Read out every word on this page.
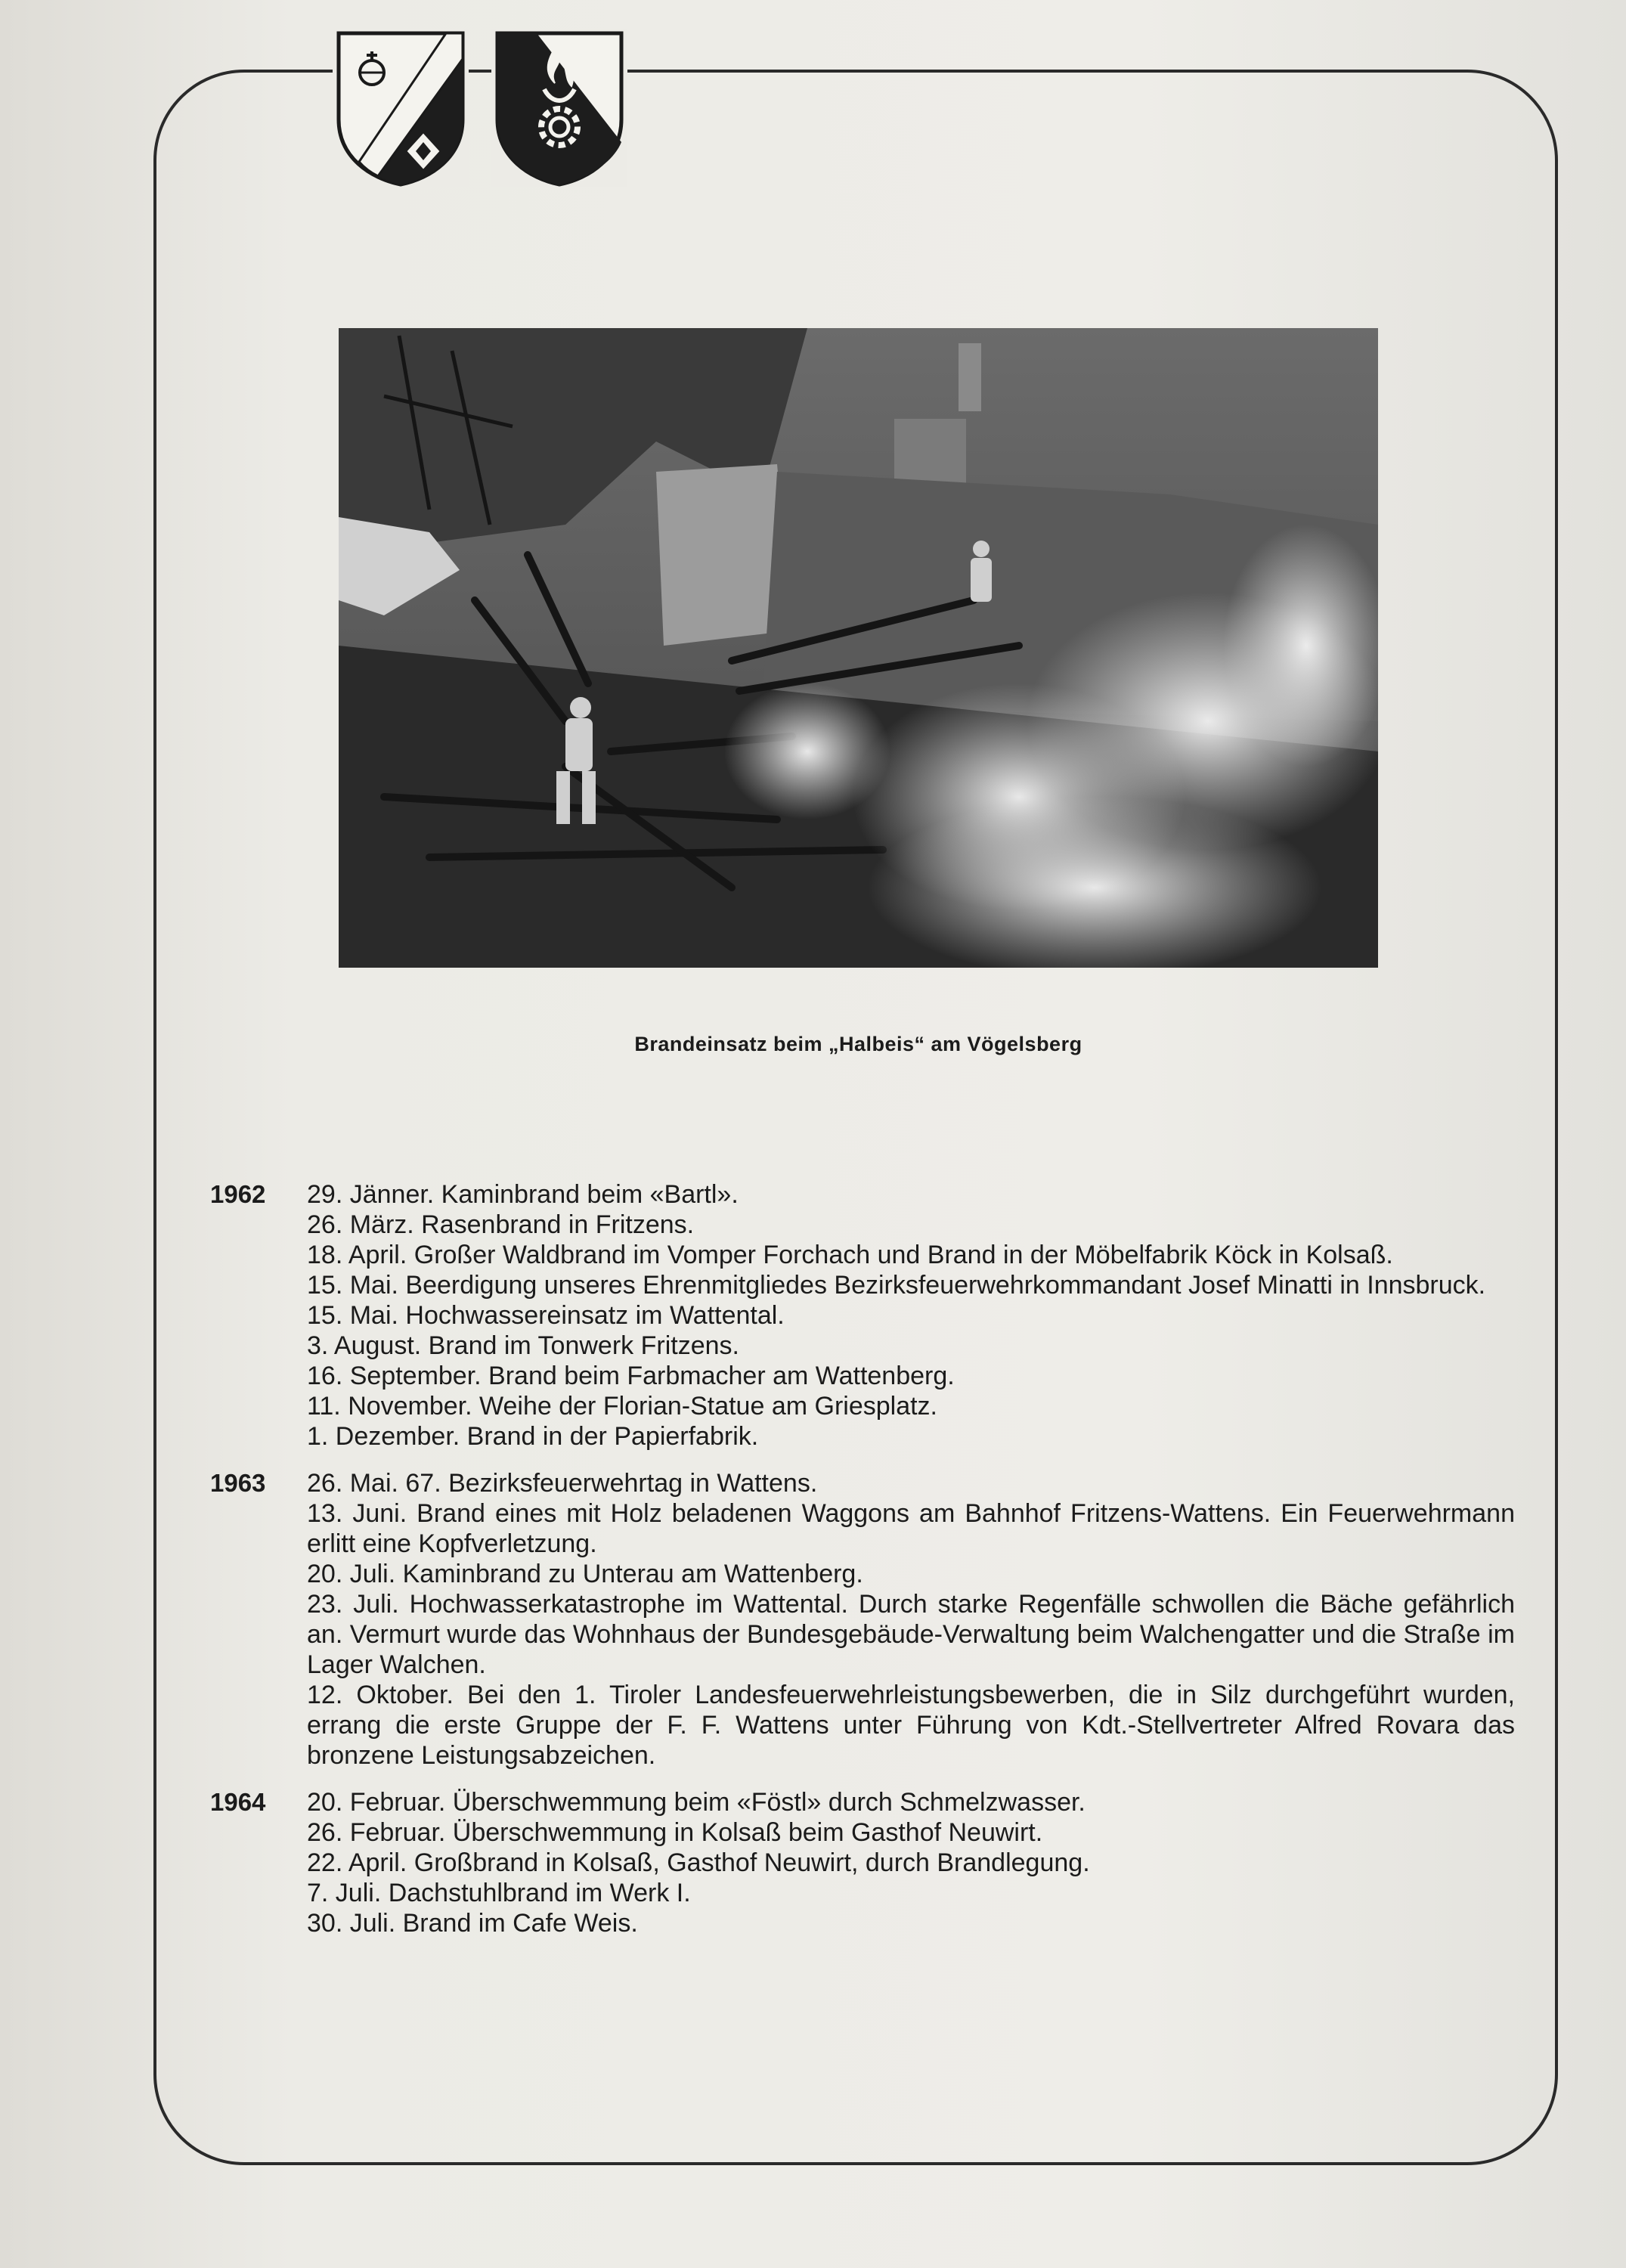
Brandeinsatz beim „Halbeis“ am Vögelsberg
1962	29. Jänner. Kaminbrand beim «Bartl».

26. März. Rasenbrand in Fritzens.

18. April. Großer Waldbrand im Vomper Forchach und Brand in der Möbelfabrik Köck in Kolsaß.

15. Mai. Beerdigung unseres Ehrenmitgliedes Bezirksfeuerwehrkommandant Josef Minatti in Innsbruck.

15. Mai. Hochwassereinsatz im Wattental.

3. August. Brand im Tonwerk Fritzens.

16. September. Brand beim Farbmacher am Wattenberg.

11. November. Weihe der Florian-Statue am Griesplatz.

1. Dezember. Brand in der Papierfabrik.

1963	26. Mai. 67. Bezirksfeuerwehrtag in Wattens.

13. Juni. Brand eines mit Holz beladenen Waggons am Bahnhof Fritzens-Wattens. Ein Feuerwehrmann erlitt eine Kopfverletzung.

20. Juli. Kaminbrand zu Unterau am Wattenberg.

23. Juli. Hochwasserkatastrophe im Wattental. Durch starke Regenfälle schwollen die Bäche gefährlich an. Vermurt wurde das Wohnhaus der Bundesgebäude-Verwaltung beim Walchengatter und die Straße im Lager Walchen.

12. Oktober. Bei den 1. Tiroler Landesfeuerwehrleistungsbewerben, die in Silz durchgeführt wurden, errang die erste Gruppe der F. F. Wattens unter Führung von Kdt.-Stellvertreter Alfred Rovara das bronzene Leistungsabzeichen.

1964	20. Februar. Überschwemmung beim «Föstl» durch Schmelzwasser.

26. Februar. Überschwemmung in Kolsaß beim Gasthof Neuwirt.

22. April. Großbrand in Kolsaß, Gasthof Neuwirt, durch Brandlegung.

7. Juli. Dachstuhlbrand im Werk I.

30. Juli. Brand im Cafe Weis.
